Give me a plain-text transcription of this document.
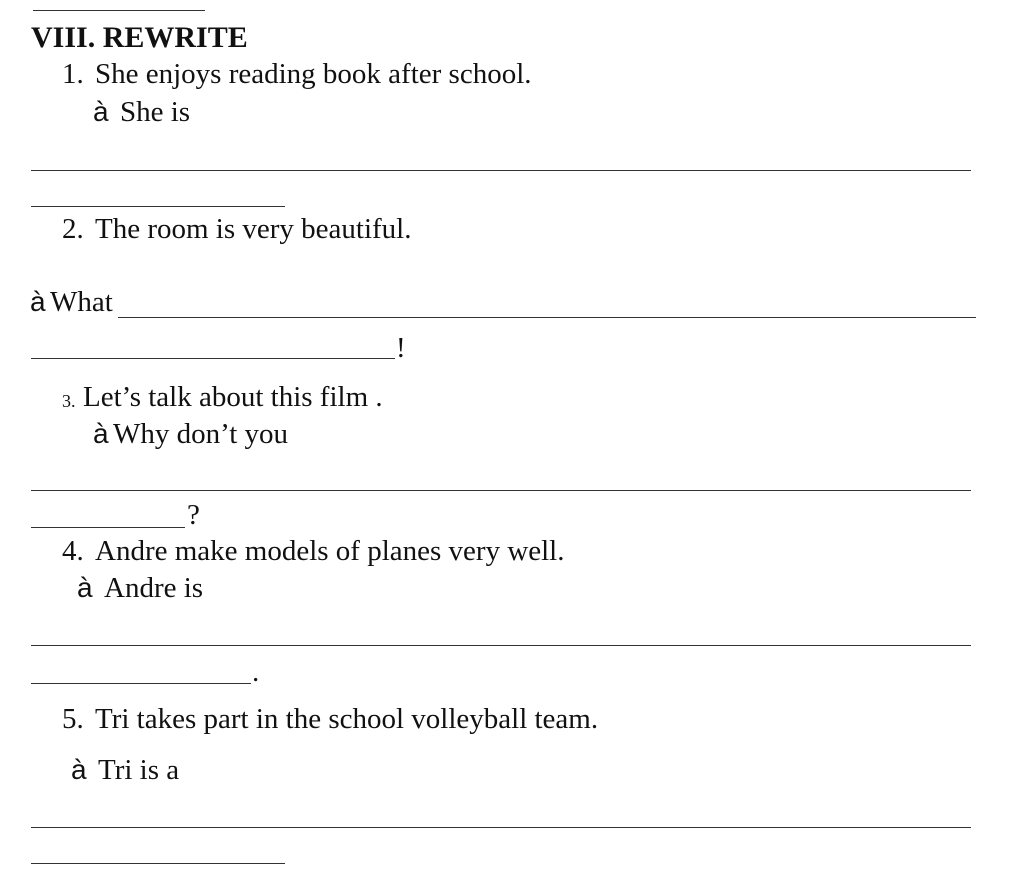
VIII. REWRITE
1. She enjoys reading book after school.
à She is
2. The room is very beautiful.
à What
!
3. Let’s talk about this film .
à Why don’t you
?
4. Andre make models of planes very well.
à Andre is
.
5. Tri takes part in the school volleyball team.
à Tri is a
